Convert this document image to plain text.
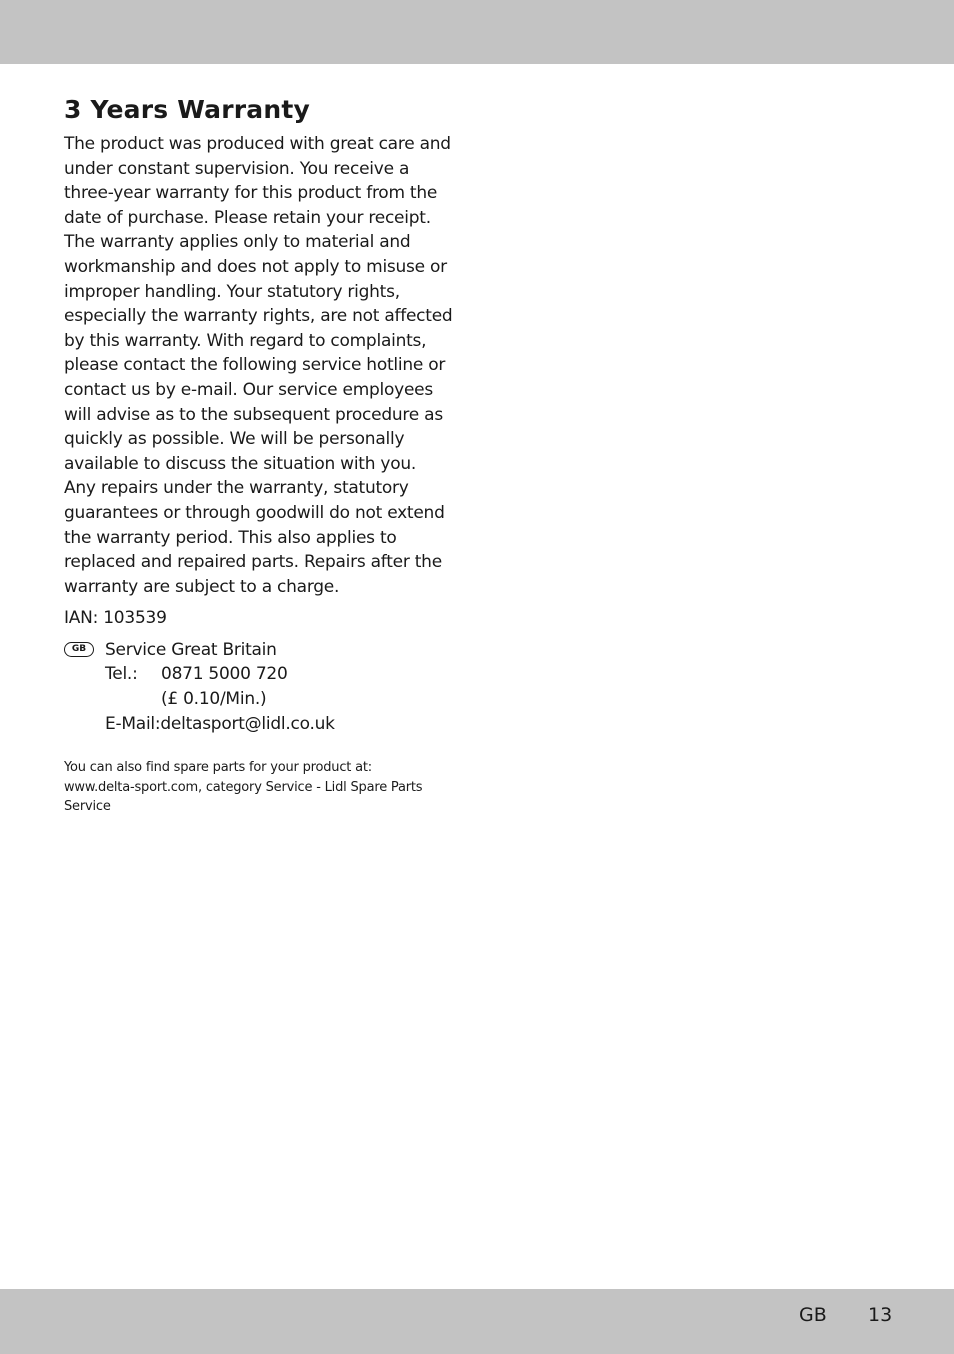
3 Years Warranty

The product was produced with great care and under constant supervision. You receive a three-year warranty for this product from the date of purchase. Please retain your receipt.

The warranty applies only to material and workmanship and does not apply to misuse or improper handling. Your statutory rights, especially the warranty rights, are not affected by this warranty. With regard to complaints, please contact the following service hotline or contact us by e-mail. Our service employees will advise as to the subsequent procedure as quickly as possible. We will be personally available to discuss the situation with you.

Any repairs under the warranty, statutory guarantees or through goodwill do not extend the warranty period. This also applies to replaced and repaired parts. Repairs after the warranty are subject to a charge.

IAN: 103539
GB	Service Great Britain
Tel.:	0871 5000 720
(£ 0.10/Min.)
E-Mail:deltasport@lidl.co.uk
You can also find spare parts for your product at:
www.delta-sport.com, category Service - Lidl Spare Parts
Service
GB 13
